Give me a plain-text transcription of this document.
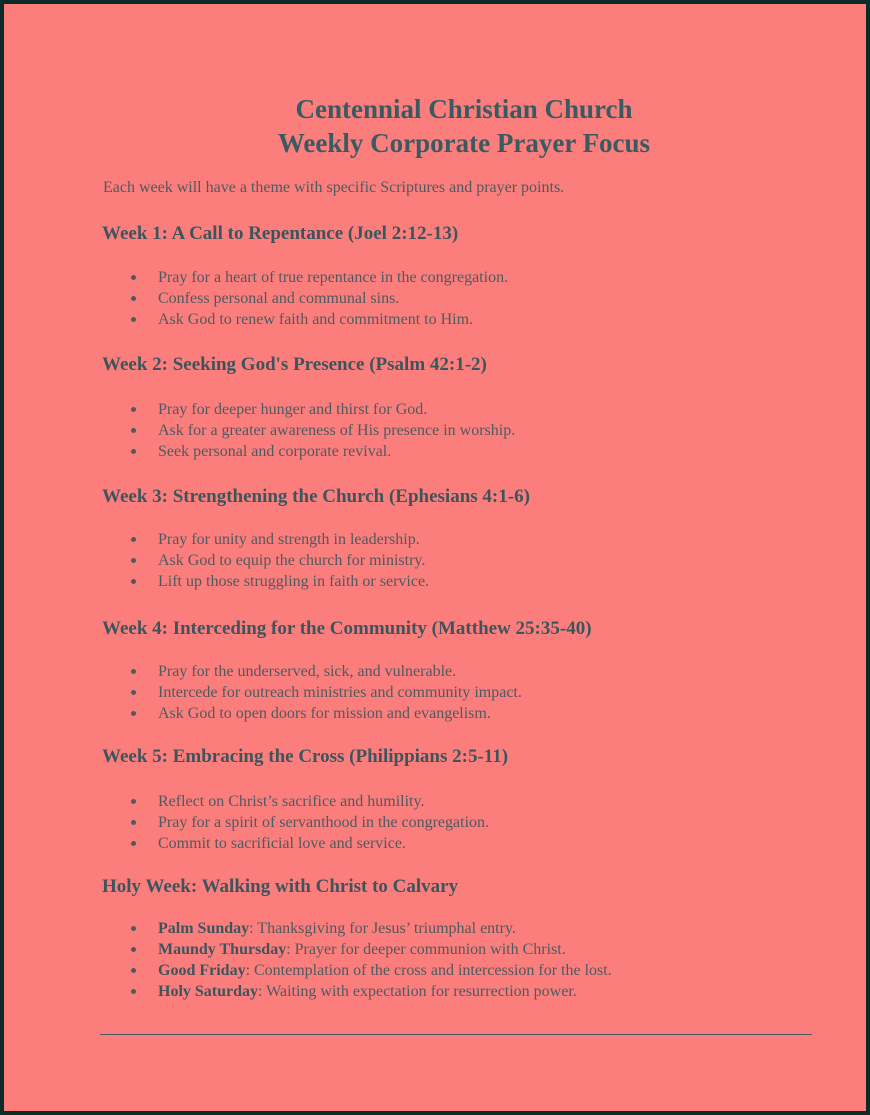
Centennial Christian Church
Weekly Corporate Prayer Focus
Each week will have a theme with specific Scriptures and prayer points.
Week 1: A Call to Repentance (Joel 2:12-13)
Pray for a heart of true repentance in the congregation.
Confess personal and communal sins.
Ask God to renew faith and commitment to Him.
Week 2: Seeking God's Presence (Psalm 42:1-2)
Pray for deeper hunger and thirst for God.
Ask for a greater awareness of His presence in worship.
Seek personal and corporate revival.
Week 3: Strengthening the Church (Ephesians 4:1-6)
Pray for unity and strength in leadership.
Ask God to equip the church for ministry.
Lift up those struggling in faith or service.
Week 4: Interceding for the Community (Matthew 25:35-40)
Pray for the underserved, sick, and vulnerable.
Intercede for outreach ministries and community impact.
Ask God to open doors for mission and evangelism.
Week 5: Embracing the Cross (Philippians 2:5-11)
Reflect on Christ’s sacrifice and humility.
Pray for a spirit of servanthood in the congregation.
Commit to sacrificial love and service.
Holy Week: Walking with Christ to Calvary
Palm Sunday: Thanksgiving for Jesus’ triumphal entry.
Maundy Thursday: Prayer for deeper communion with Christ.
Good Friday: Contemplation of the cross and intercession for the lost.
Holy Saturday: Waiting with expectation for resurrection power.
